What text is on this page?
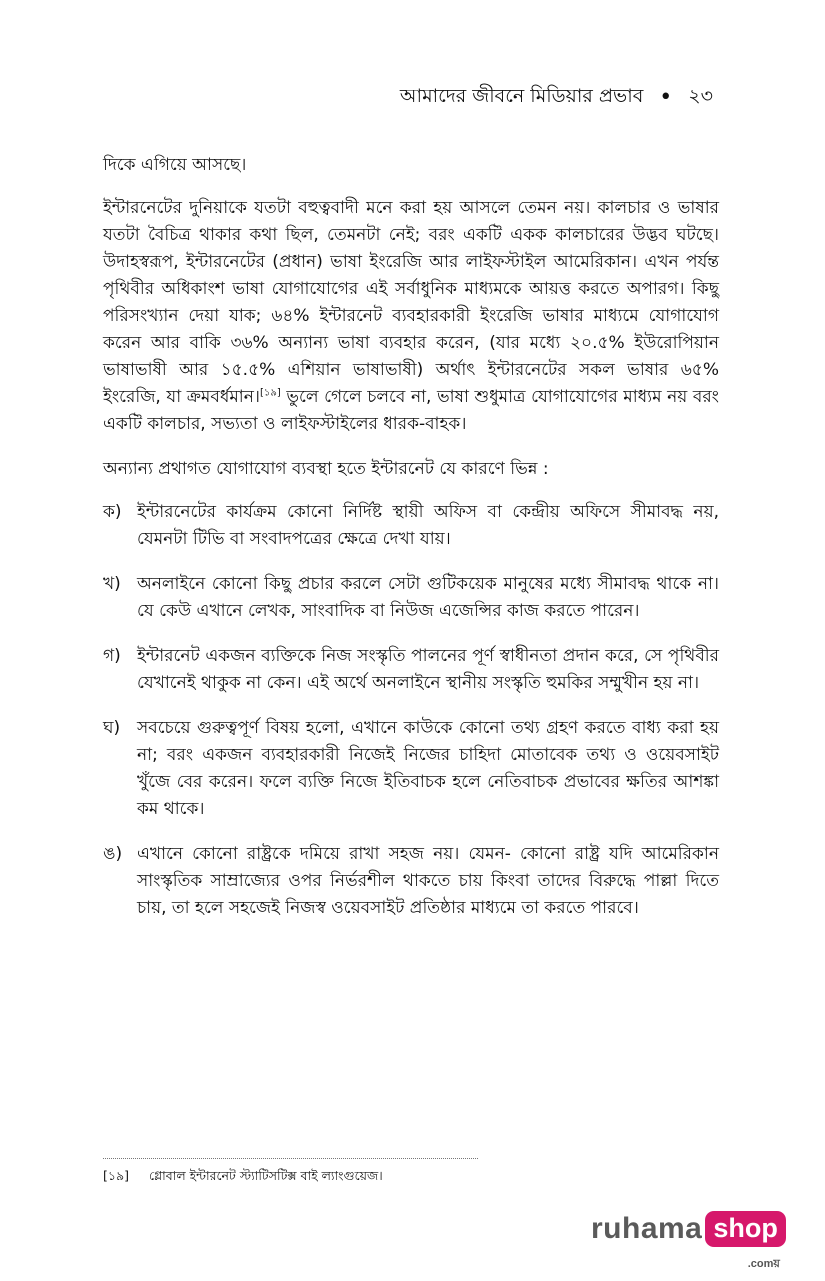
আমাদের জীবনে মিডিয়ার প্রভাব • ২৩

দিকে এগিয়ে আসছে।

ইন্টারনেটের দুনিয়াকে যতটা বহুত্ববাদী মনে করা হয় আসলে তেমন নয়। কালচার ও ভাষার যতটা বৈচিত্র থাকার কথা ছিল, তেমনটা নেই; বরং একটি একক কালচারের উদ্ভব ঘটছে। উদাহস্বরূপ, ইন্টারনেটের (প্রধান) ভাষা ইংরেজি আর লাইফস্টাইল আমেরিকান। এখন পর্যন্ত পৃথিবীর অধিকাংশ ভাষা যোগাযোগের এই সর্বাধুনিক মাধ্যমকে আয়ত্ত করতে অপারগ। কিছু পরিসংখ্যান দেয়া যাক; ৬৪% ইন্টারনেট ব্যবহারকারী ইংরেজি ভাষার মাধ্যমে যোগাযোগ করেন আর বাকি ৩৬% অন্যান্য ভাষা ব্যবহার করেন, (যার মধ্যে ২০.৫% ইউরোপিয়ান ভাষাভাষী আর ১৫.৫% এশিয়ান ভাষাভাষী) অর্থাৎ ইন্টারনেটের সকল ভাষার ৬৫% ইংরেজি, যা ক্রমবর্ধমান।[১৯] ভুলে গেলে চলবে না, ভাষা শুধুমাত্র যোগাযোগের মাধ্যম নয় বরং একটি কালচার, সভ্যতা ও লাইফস্টাইলের ধারক-বাহক।

অন্যান্য প্রথাগত যোগাযোগ ব্যবস্থা হতে ইন্টারনেট যে কারণে ভিন্ন :

ক) ইন্টারনেটের কার্যক্রম কোনো নির্দিষ্ট স্থায়ী অফিস বা কেন্দ্রীয় অফিসে সীমাবদ্ধ নয়, যেমনটা টিভি বা সংবাদপত্রের ক্ষেত্রে দেখা যায়।
খ) অনলাইনে কোনো কিছু প্রচার করলে সেটা গুটিকয়েক মানুষের মধ্যে সীমাবদ্ধ থাকে না। যে কেউ এখানে লেখক, সাংবাদিক বা নিউজ এজেন্সির কাজ করতে পারেন।
গ) ইন্টারনেট একজন ব্যক্তিকে নিজ সংস্কৃতি পালনের পূর্ণ স্বাধীনতা প্রদান করে, সে পৃথিবীর যেখানেই থাকুক না কেন। এই অর্থে অনলাইনে স্থানীয় সংস্কৃতি হুমকির সম্মুখীন হয় না।
ঘ) সবচেয়ে গুরুত্বপূর্ণ বিষয় হলো, এখানে কাউকে কোনো তথ্য গ্রহণ করতে বাধ্য করা হয় না; বরং একজন ব্যবহারকারী নিজেই নিজের চাহিদা মোতাবেক তথ্য ও ওয়েবসাইট খুঁজে বের করেন। ফলে ব্যক্তি নিজে ইতিবাচক হলে নেতিবাচক প্রভাবের ক্ষতির আশঙ্কা কম থাকে।
ঙ) এখানে কোনো রাষ্ট্রকে দমিয়ে রাখা সহজ নয়। যেমন- কোনো রাষ্ট্র যদি আমেরিকান সাংস্কৃতিক সাম্রাজ্যের ওপর নির্ভরশীল থাকতে চায় কিংবা তাদের বিরুদ্ধে পাল্লা দিতে চায়, তা হলে সহজেই নিজস্ব ওয়েবসাইট প্রতিষ্ঠার মাধ্যমে তা করতে পারবে।
[১৯] গ্লোবাল ইন্টারনেট স্ট্যাটিসটিক্স বাই ল্যাংগুয়েজ।
ruhama shop
.comয়
